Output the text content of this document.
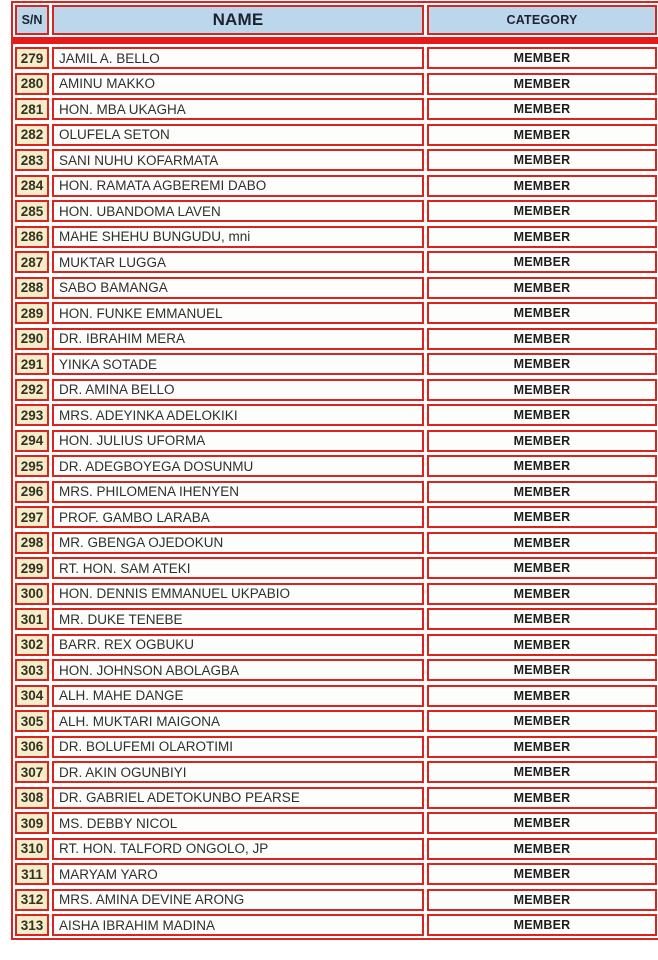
S/N	NAME	CATEGORY
279	JAMIL A. BELLO	MEMBER
280	AMINU MAKKO	MEMBER
281	HON. MBA UKAGHA	MEMBER
282	OLUFELA SETON	MEMBER
283	SANI NUHU KOFARMATA	MEMBER
284	HON. RAMATA AGBEREMI DABO	MEMBER
285	HON. UBANDOMA LAVEN	MEMBER
286	MAHE SHEHU BUNGUDU, mni	MEMBER
287	MUKTAR LUGGA	MEMBER
288	SABO BAMANGA	MEMBER
289	HON. FUNKE EMMANUEL	MEMBER
290	DR. IBRAHIM MERA	MEMBER
291	YINKA SOTADE	MEMBER
292	DR. AMINA BELLO	MEMBER
293	MRS. ADEYINKA ADELOKIKI	MEMBER
294	HON. JULIUS UFORMA	MEMBER
295	DR. ADEGBOYEGA DOSUNMU	MEMBER
296	MRS. PHILOMENA IHENYEN	MEMBER
297	PROF. GAMBO LARABA	MEMBER
298	MR. GBENGA OJEDOKUN	MEMBER
299	RT. HON. SAM ATEKI	MEMBER
300	HON. DENNIS EMMANUEL UKPABIO	MEMBER
301	MR. DUKE TENEBE	MEMBER
302	BARR. REX OGBUKU	MEMBER
303	HON. JOHNSON ABOLAGBA	MEMBER
304	ALH. MAHE DANGE	MEMBER
305	ALH. MUKTARI MAIGONA	MEMBER
306	DR. BOLUFEMI OLAROTIMI	MEMBER
307	DR. AKIN OGUNBIYI	MEMBER
308	DR. GABRIEL ADETOKUNBO PEARSE	MEMBER
309	MS. DEBBY NICOL	MEMBER
310	RT. HON. TALFORD ONGOLO, JP	MEMBER
311	MARYAM YARO	MEMBER
312	MRS. AMINA DEVINE ARONG	MEMBER
313	AISHA IBRAHIM MADINA	MEMBER
